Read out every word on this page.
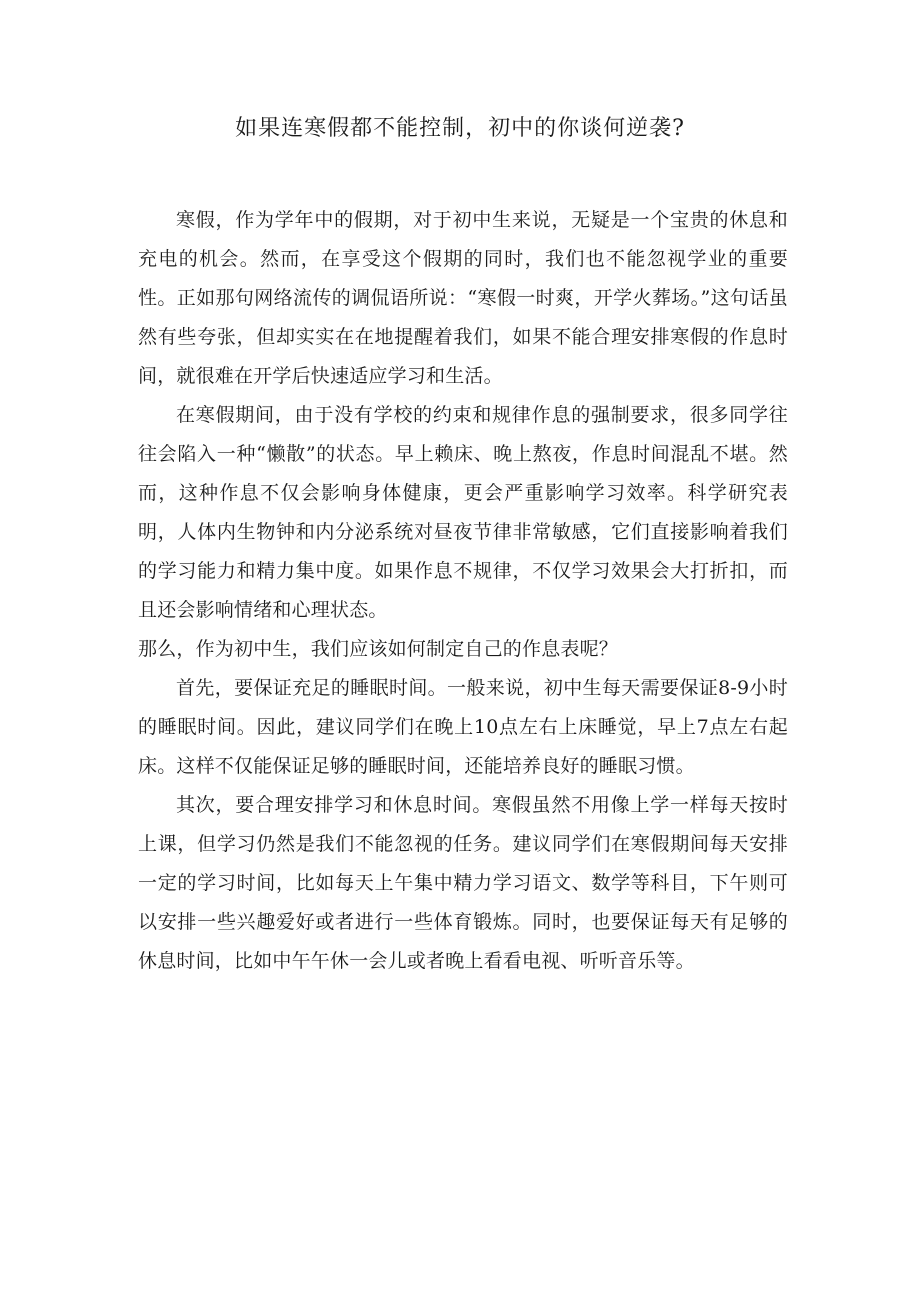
如果连寒假都不能控制，初中的你谈何逆袭?

寒假，作为学年中的假期，对于初中生来说，无疑是一个宝贵的休息和充电的机会。然而，在享受这个假期的同时，我们也不能忽视学业的重要性。正如那句网络流传的调侃语所说：“寒假一时爽，开学火葬场。”这句话虽然有些夸张，但却实实在在地提醒着我们，如果不能合理安排寒假的作息时间，就很难在开学后快速适应学习和生活。

在寒假期间，由于没有学校的约束和规律作息的强制要求，很多同学往往会陷入一种“懒散”的状态。早上赖床、晚上熬夜，作息时间混乱不堪。然而，这种作息不仅会影响身体健康，更会严重影响学习效率。科学研究表明，人体内生物钟和内分泌系统对昼夜节律非常敏感，它们直接影响着我们的学习能力和精力集中度。如果作息不规律，不仅学习效果会大打折扣，而且还会影响情绪和心理状态。

那么，作为初中生，我们应该如何制定自己的作息表呢？

首先，要保证充足的睡眠时间。一般来说，初中生每天需要保证8-9小时的睡眠时间。因此，建议同学们在晚上10点左右上床睡觉，早上7点左右起床。这样不仅能保证足够的睡眠时间，还能培养良好的睡眠习惯。

其次，要合理安排学习和休息时间。寒假虽然不用像上学一样每天按时上课，但学习仍然是我们不能忽视的任务。建议同学们在寒假期间每天安排一定的学习时间，比如每天上午集中精力学习语文、数学等科目，下午则可以安排一些兴趣爱好或者进行一些体育锻炼。同时，也要保证每天有足够的休息时间，比如中午午休一会儿或者晚上看看电视、听听音乐等。
